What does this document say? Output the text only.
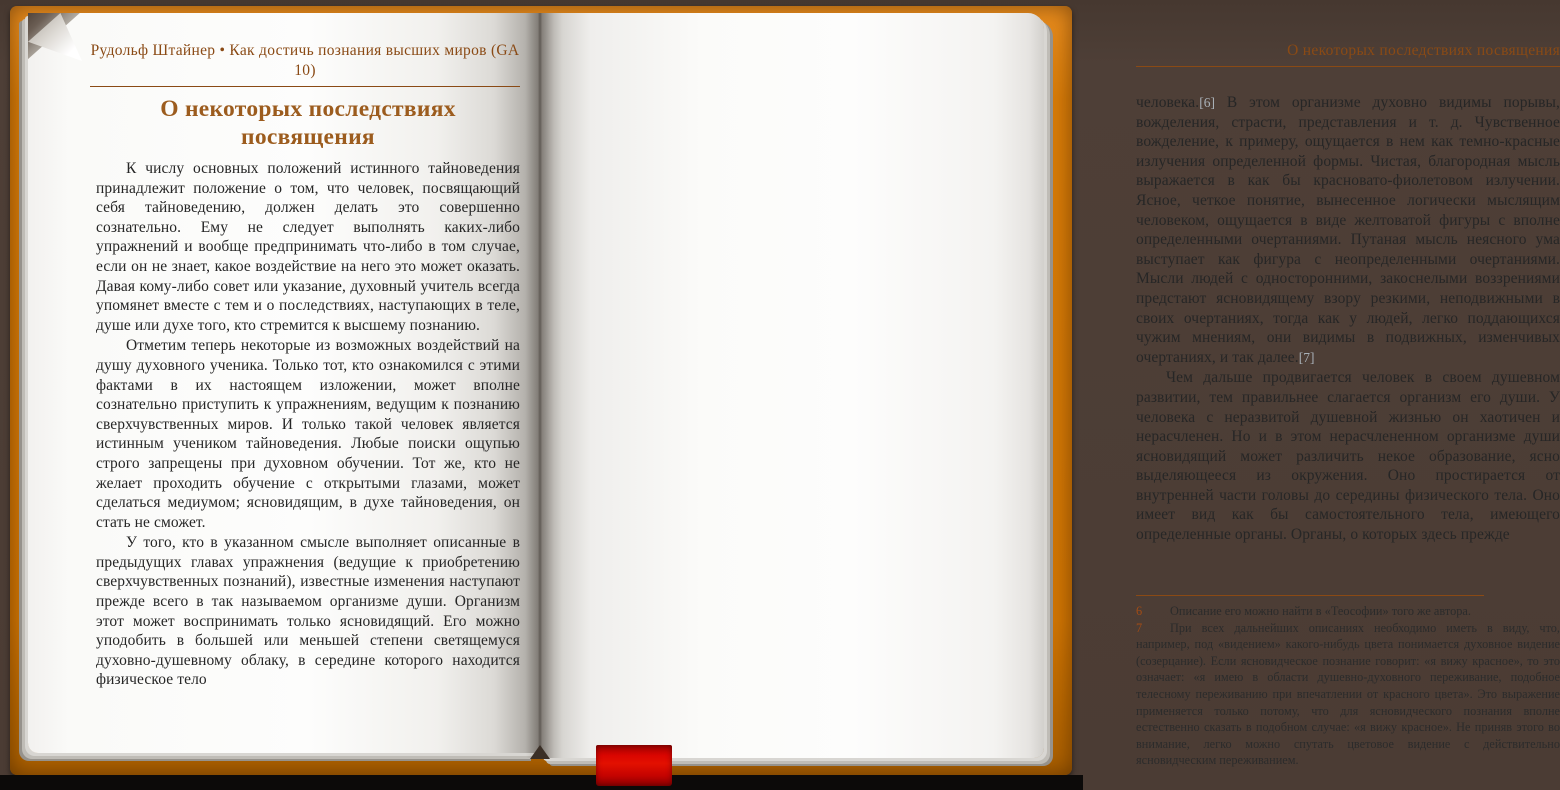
Рудольф Штайнер • Как достичь познания высших миров (GA 10)
О некоторых последствиях посвящения

К числу основных положений истинного тайноведения принадлежит положение о том, что человек, посвящающий себя тайноведению, должен делать это совершенно сознательно. Ему не следует выполнять каких-либо упражнений и вообще предпринимать что-либо в том случае, если он не знает, какое воздействие на него это может оказать. Давая кому-либо совет или указание, духовный учитель всегда упомянет вместе с тем и о последствиях, наступающих в теле, душе или духе того, кто стремится к высшему познанию.

Отметим теперь некоторые из возможных воздействий на душу духовного ученика. Только тот, кто ознакомился с этими фактами в их настоящем изложении, может вполне сознательно приступить к упражнениям, ведущим к познанию сверхчувственных миров. И только такой человек является истинным учеником тайноведения. Любые поиски ощупью строго запрещены при духовном обучении. Тот же, кто не желает проходить обучение с открытыми глазами, может сделаться медиумом; ясновидящим, в духе тайноведения, он стать не сможет.

У того, кто в указанном смысле выполняет описанные в предыдущих главах упражнения (ведущие к приобретению сверхчувственных познаний), известные изменения наступают прежде всего в так называемом организме души. Организм этот может воспринимать только ясновидящий. Его можно уподобить в большей или меньшей степени светящемуся духовно-душевному облаку, в середине которого находится физическое тело

О некоторых последствиях посвящения

человека.[6] В этом организме духовно видимы порывы, вожделения, страсти, представления и т. д. Чувственное вожделение, к примеру, ощущается в нем как темно-красные излучения определенной формы. Чистая, благородная мысль выражается в как бы красновато-фиолетовом излучении. Ясное, четкое понятие, вынесенное логически мыслящим человеком, ощущается в виде желтоватой фигуры с вполне определенными очертаниями. Путаная мысль неясного ума выступает как фигура с неопределенными очертаниями. Мысли людей с односторонними, закоснелыми воззрениями предстают ясновидящему взору резкими, неподвижными в своих очертаниях, тогда как у людей, легко поддающихся чужим мнениям, они видимы в подвижных, изменчивых очертаниях, и так далее.[7]

Чем дальше продвигается человек в своем душевном развитии, тем правильнее слагается организм его души. У человека с неразвитой душевной жизнью он хаотичен и нерасчленен. Но и в этом нерасчлененном организме души ясновидящий может различить некое образование, ясно выделяющееся из окружения. Оно простирается от внутренней части головы до середины физического тела. Оно имеет вид как бы самостоятельного тела, имеющего определенные органы. Органы, о которых здесь прежде

6 Описание его можно найти в «Теософии» того же автора.

7 При всех дальнейших описаниях необходимо иметь в виду, что, например, под «видением» какого-нибудь цвета понимается духовное видение (созерцание). Если ясновидческое познание говорит: «я вижу красное», то это означает: «я имею в области душевно-духовного переживание, подобное телесному переживанию при впечатлении от красного цвета». Это выражение применяется только потому, что для ясновидческого познания вполне естественно сказать в подобном случае: «я вижу красное». Не приняв этого во внимание, легко можно спутать цветовое видение с действительно ясновидческим переживанием.
